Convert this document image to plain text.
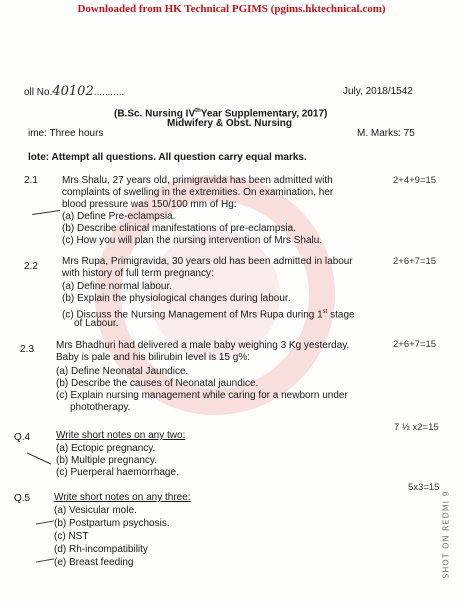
Downloaded from HK Technical PGIMS (pgims.hktechnical.com)
oll No.40102...........	July, 2018/1542
(B.Sc. Nursing IVthYear Supplementary, 2017)
Midwifery & Obst. Nursing
ime: Three hours	M. Marks: 75
lote: Attempt all questions. All question carry equal marks.
2.1	2+4+9=15
Mrs Shalu, 27 years old, primigravida has been admitted with
complaints of swelling in the extremities. On examination, her
blood pressure was 150/100 mm of Hg:
(a) Define Pre-eclampsia.
(b) Describe clinical manifestations of pre-eclampsia.
(c) How you will plan the nursing intervention of Mrs Shalu.
2.2	2+6+7=15
Mrs Rupa, Primigravida, 30 years old has been admitted in labour
with history of full term pregnancy:
(a) Define normal labour.
(b) Explain the physiological changes during labour.
(c) Discuss the Nursing Management of Mrs Rupa during 1st stage
of Labour.
2.3	2+6+7=15
Mrs Bhadhuri had delivered a male baby weighing 3 Kg yesterday.
Baby is pale and his bilirubin level is 15 g%:
(a) Define Neonatal Jaundice.
(b) Describe the causes of Neonatal jaundice.
(c) Explain nursing management while caring for a newborn under
phototherapy.
Q.4
7 ½ x2=15
Write short notes on any two:
(a) Ectopic pregnancy.
(b) Multiple pregnancy.
(c) Puerperal haemorrhage.
Q.5
5x3=15
Write short notes on any three:
(a) Vesicular mole.
(b) Postpartum psychosis.
(c) NST
(d) Rh-incompatibility
(e) Breast feeding	SHOT ON REDMI 9
